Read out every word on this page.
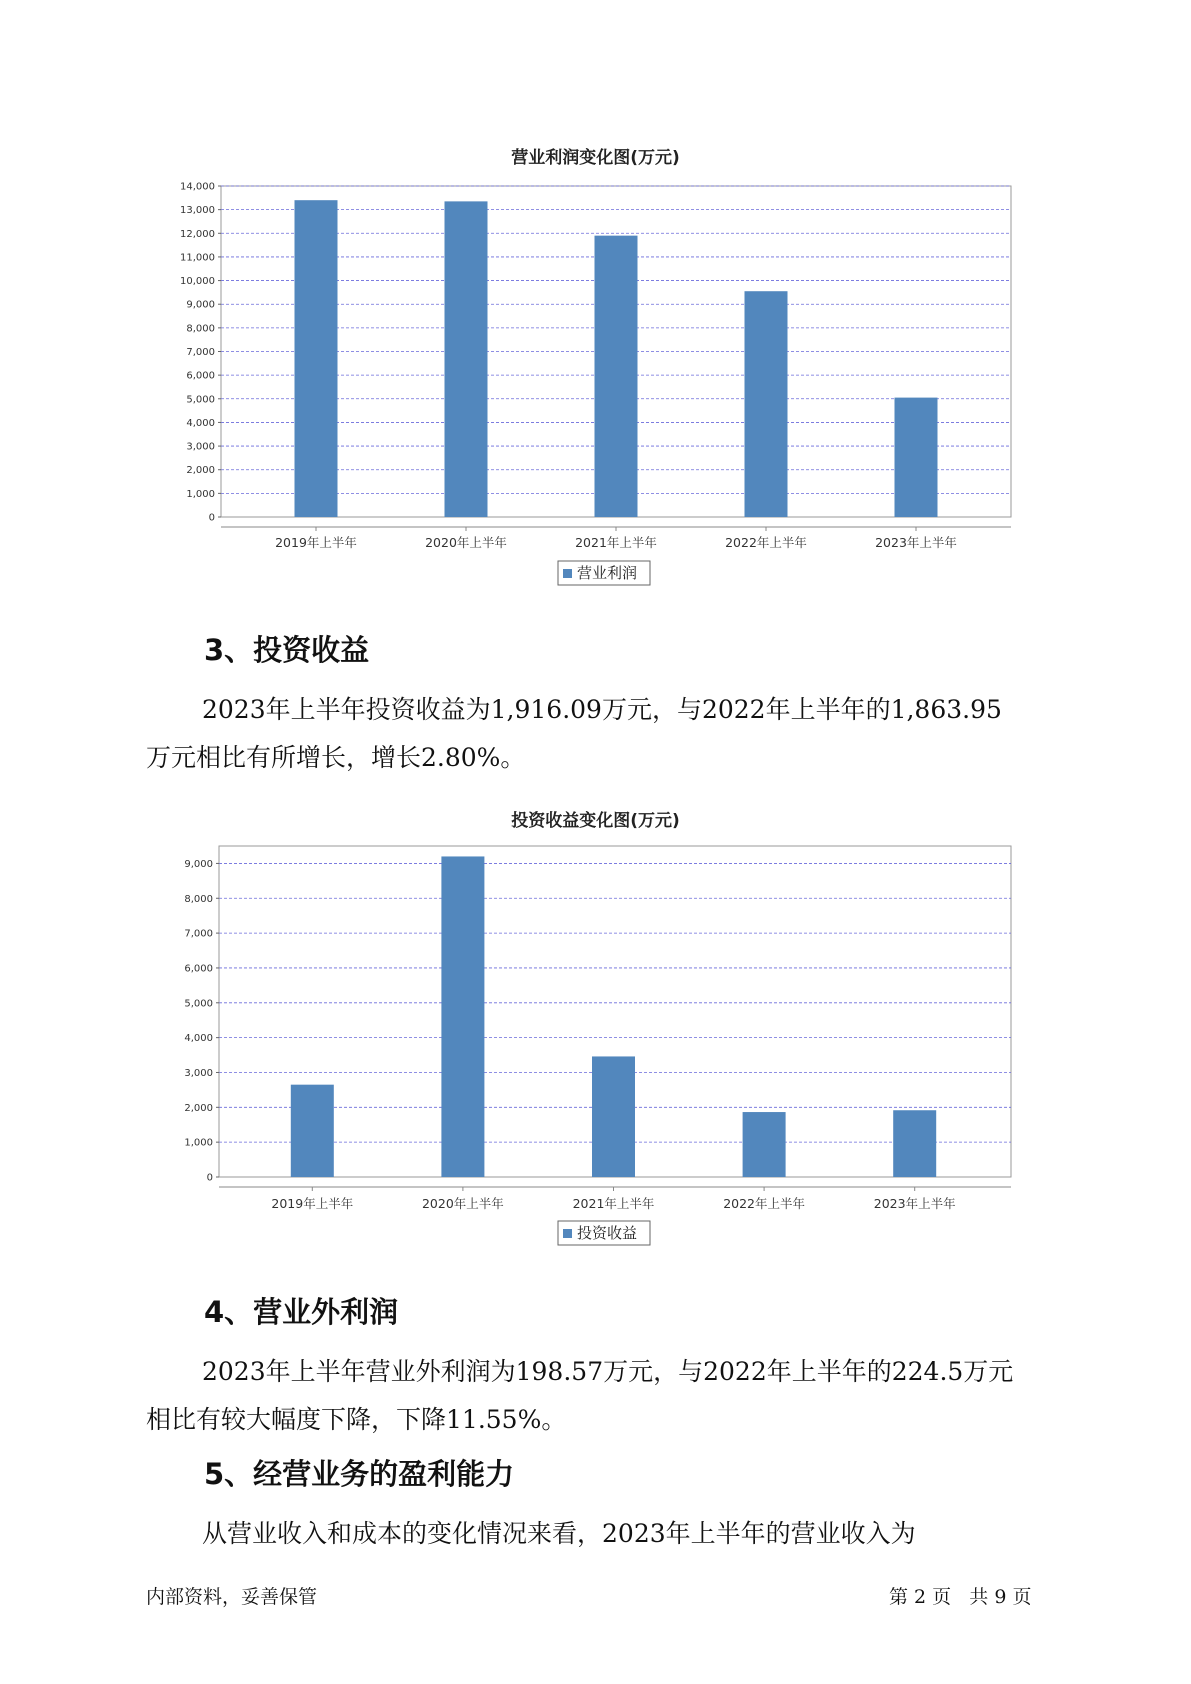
营业利润变化图(万元)
0
1,000
2,000
3,000
4,000
5,000
6,000
7,000
8,000
9,000
10,000
11,000
12,000
13,000
14,000
2019年上半年	2020年上半年	2021年上半年	2022年上半年	2023年上半年
营业利润
3、投资收益

2023年上半年投资收益为1,916.09万元，与2022年上半年的1,863.95

万元相比有所增长，增长2.80%。

投资收益变化图(万元)
0
1,000
2,000
3,000
4,000
5,000
6,000
7,000
8,000
9,000
2019年上半年	2020年上半年	2021年上半年	2022年上半年	2023年上半年
投资收益
4、营业外利润

2023年上半年营业外利润为198.57万元，与2022年上半年的224.5万元

相比有较大幅度下降，下降11.55%。

5、经营业务的盈利能力

从营业收入和成本的变化情况来看，2023年上半年的营业收入为

内部资料，妥善保管	第 2 页   共 9 页
